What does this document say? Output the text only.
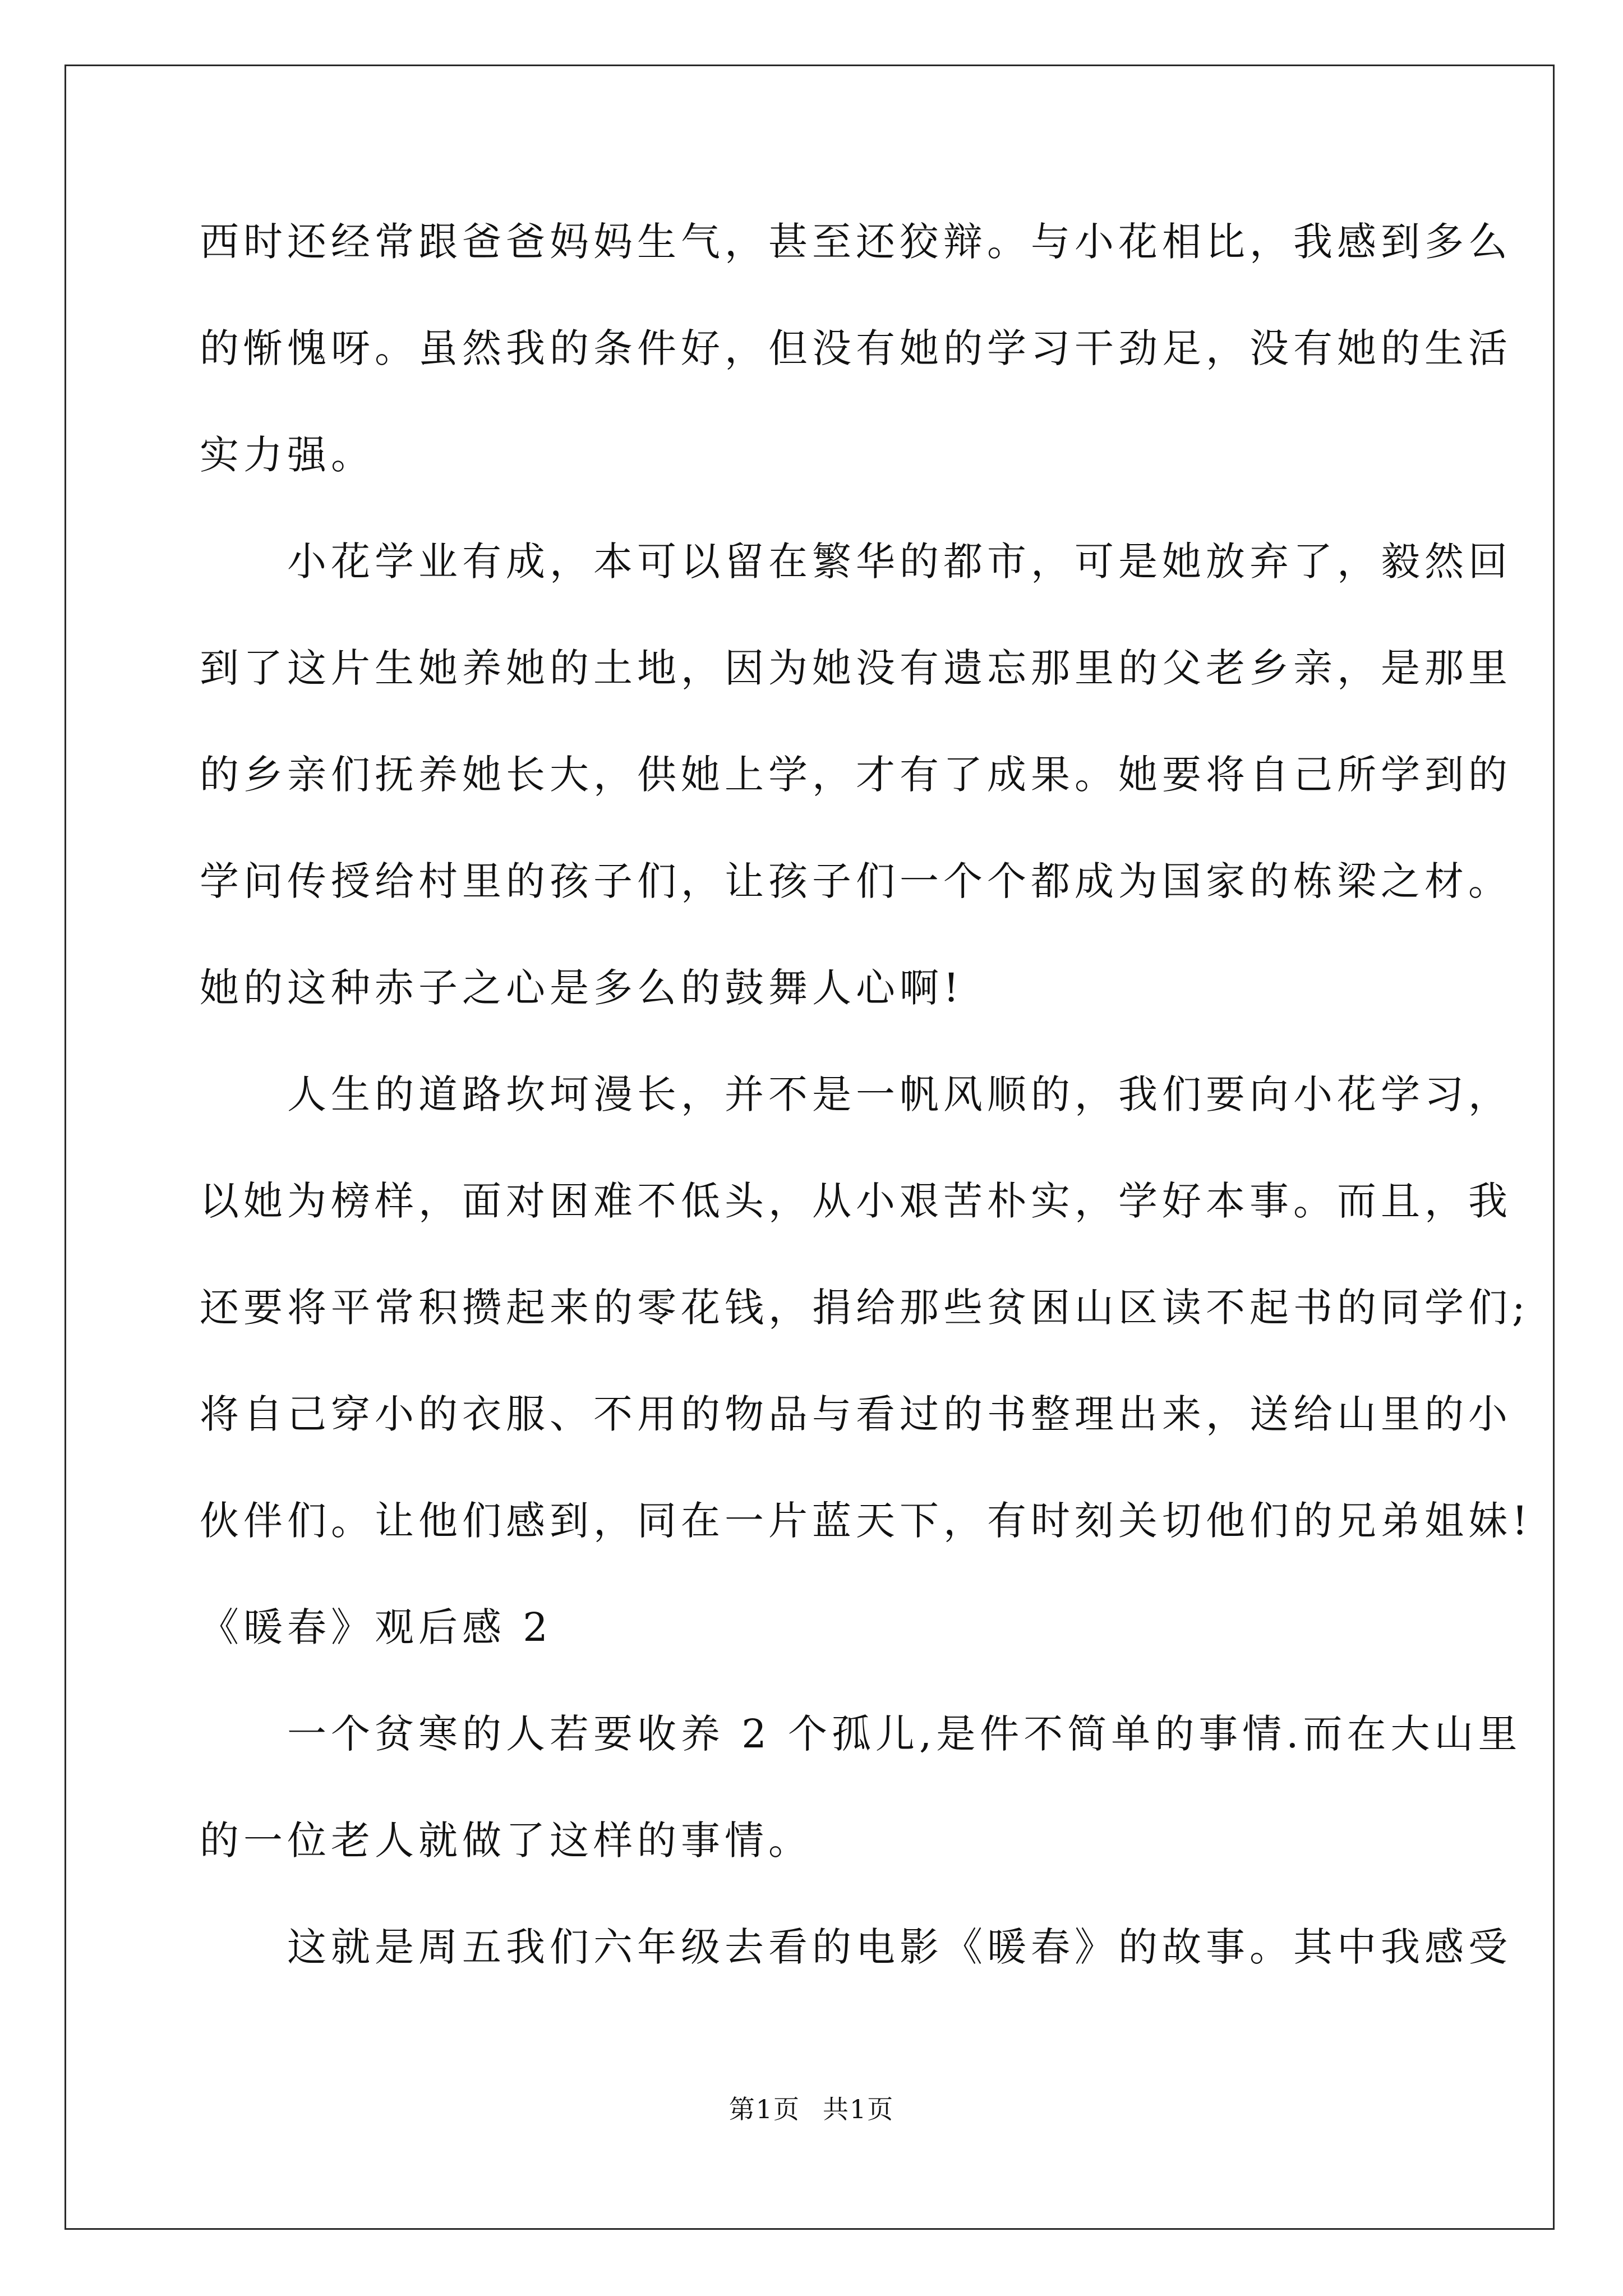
西时还经常跟爸爸妈妈生气，甚至还狡辩。与小花相比，我感到多么
的惭愧呀。虽然我的条件好，但没有她的学习干劲足，没有她的生活
实力强。
　　小花学业有成，本可以留在繁华的都市，可是她放弃了，毅然回
到了这片生她养她的土地，因为她没有遗忘那里的父老乡亲，是那里
的乡亲们抚养她长大，供她上学，才有了成果。她要将自己所学到的
学问传授给村里的孩子们，让孩子们一个个都成为国家的栋梁之材。
她的这种赤子之心是多么的鼓舞人心啊!
　　人生的道路坎坷漫长，并不是一帆风顺的，我们要向小花学习，
以她为榜样，面对困难不低头，从小艰苦朴实，学好本事。而且，我
还要将平常积攒起来的零花钱，捐给那些贫困山区读不起书的同学们;
将自己穿小的衣服、不用的物品与看过的书整理出来，送给山里的小
伙伴们。让他们感到，同在一片蓝天下，有时刻关切他们的兄弟姐妹!
《暖春》观后感 2
　　一个贫寒的人若要收养 2 个孤儿,是件不简单的事情.而在大山里
的一位老人就做了这样的事情。
　　这就是周五我们六年级去看的电影《暖春》的故事。其中我感受
第1页 共1页
